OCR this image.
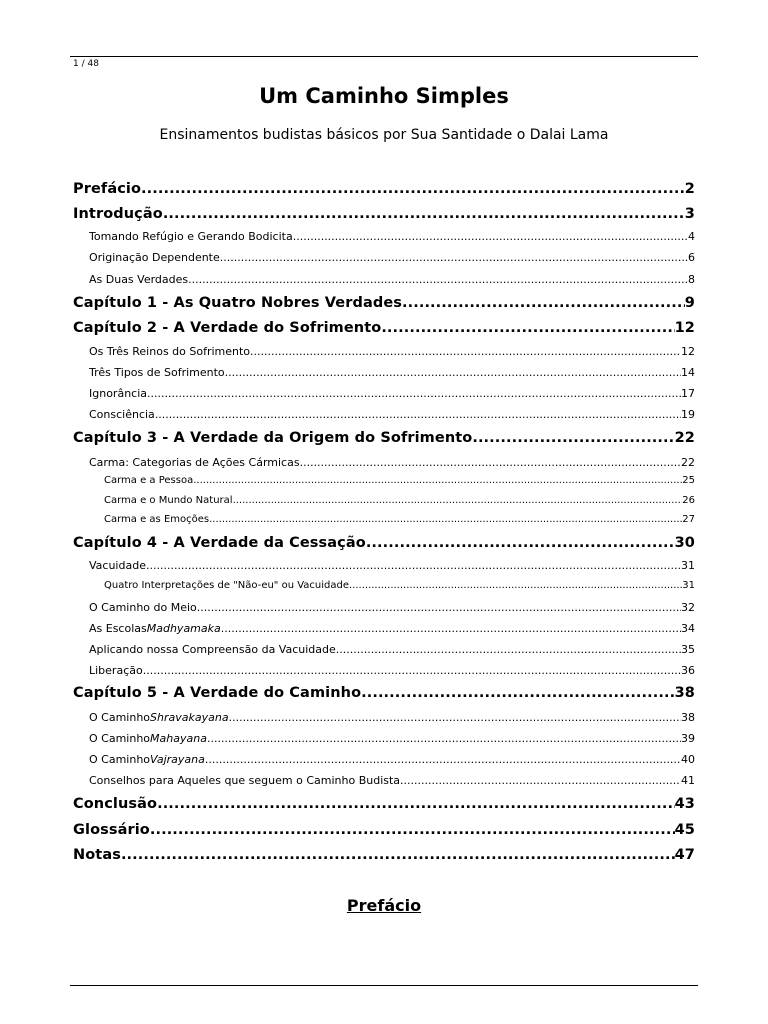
1 / 48
Um Caminho Simples
Ensinamentos budistas básicos por Sua Santidade o Dalai Lama
Prefácio .....	2
Introdução .....	3
Tomando Refúgio e Gerando Bodicita .....	4
Originação Dependente .....	6
As Duas Verdades .....	8
Capítulo 1 - As Quatro Nobres Verdades .....	9
Capítulo 2 - A Verdade do Sofrimento .....	12
Os Três Reinos do Sofrimento .....	12
Três Tipos de Sofrimento .....	14
Ignorância .....	17
Consciência .....	19
Capítulo 3 - A Verdade da Origem do Sofrimento .....	22
Carma: Categorias de Ações Cármicas .....	22
Carma e a Pessoa .....	25
Carma e o Mundo Natural .....	26
Carma e as Emoções .....	27
Capítulo 4 - A Verdade da Cessação .....	30
Vacuidade .....	31
Quatro Interpretações de "Não-eu" ou Vacuidade .....	31
O Caminho do Meio .....	32
As Escolas Madhyamaka .....	34
Aplicando nossa Compreensão da Vacuidade .....	35
Liberação .....	36
Capítulo 5 - A Verdade do Caminho .....	38
O Caminho Shravakayana .....	38
O Caminho Mahayana .....	39
O Caminho Vajrayana .....	40
Conselhos para Aqueles que seguem o Caminho Budista .....	41
Conclusão .....	43
Glossário .....	45
Notas .....	47
Prefácio
